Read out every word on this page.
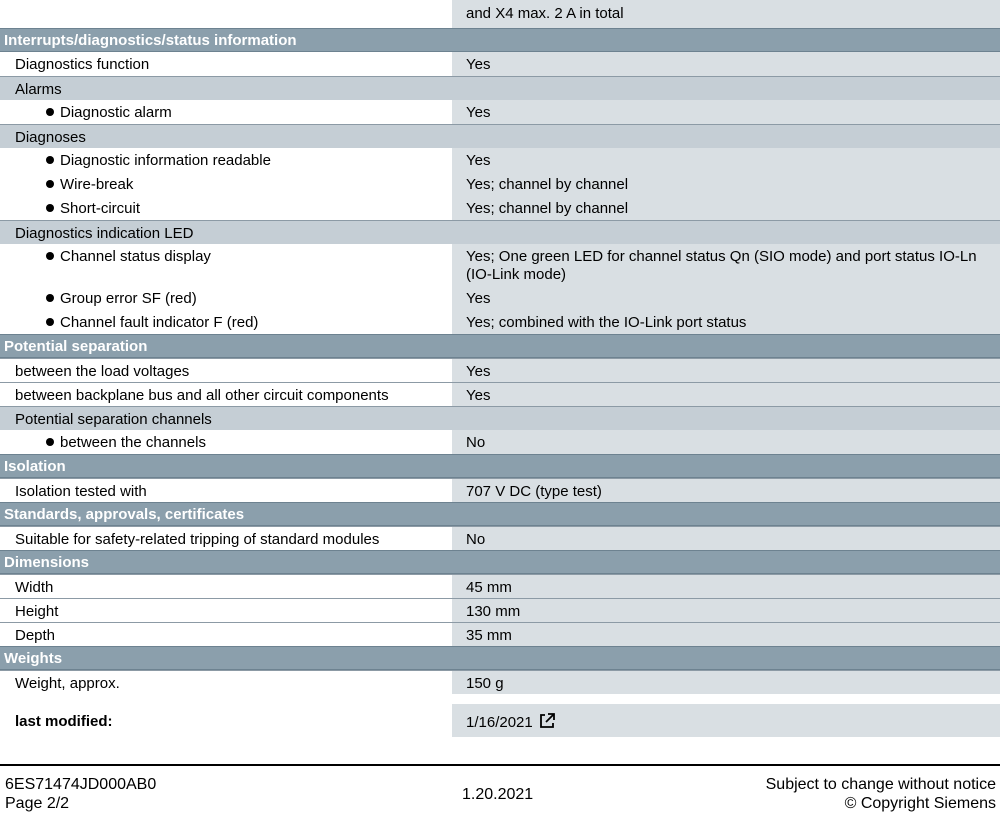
and X4 max. 2 A in total
Interrupts/diagnostics/status information
Diagnostics function	Yes
Alarms
Diagnostic alarm	Yes
Diagnoses
Diagnostic information readable	Yes
Wire-break	Yes; channel by channel
Short-circuit	Yes; channel by channel
Diagnostics indication LED
Channel status display	Yes; One green LED for channel status Qn (SIO mode) and port status IO-Ln (IO-Link mode)
Group error SF (red)	Yes
Channel fault indicator F (red)	Yes; combined with the IO-Link port status
Potential separation
between the load voltages	Yes
between backplane bus and all other circuit components	Yes
Potential separation channels
between the channels	No
Isolation
Isolation tested with	707 V DC (type test)
Standards, approvals, certificates
Suitable for safety-related tripping of standard modules	No
Dimensions
Width	45 mm
Height	130 mm
Depth	35 mm
Weights
Weight, approx.	150 g
last modified:	1/16/2021
6ES71474JD000AB0
Page 2/2
1.20.2021
Subject to change without notice
© Copyright Siemens
